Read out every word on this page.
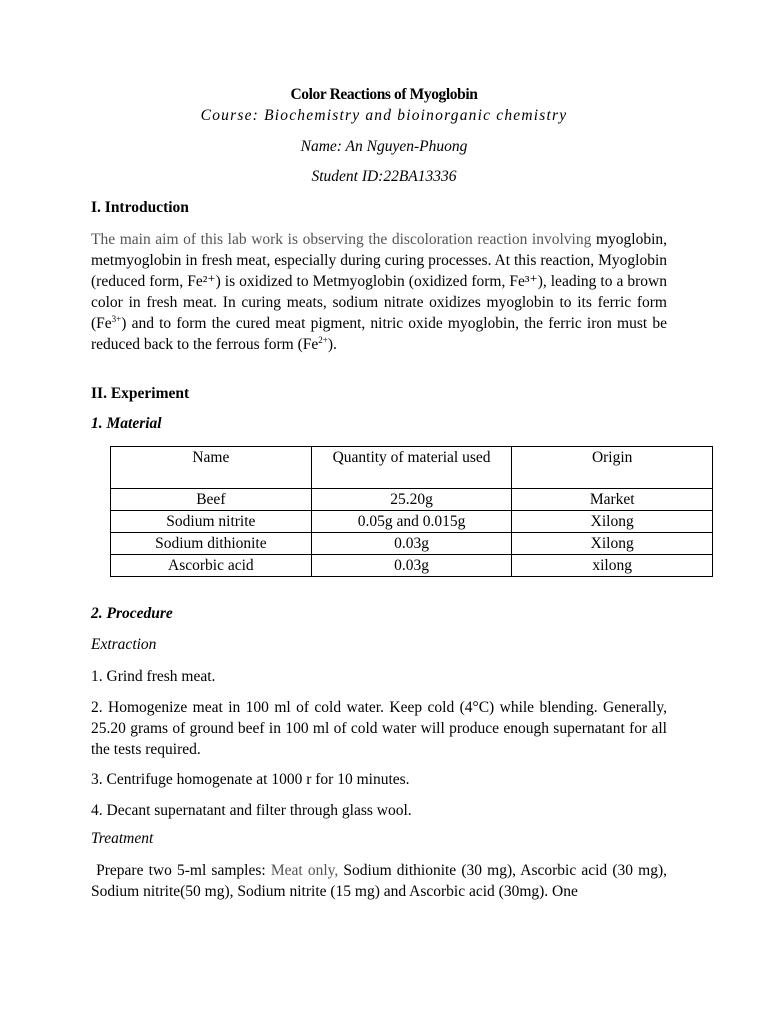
Color Reactions of Myoglobin
Course: Biochemistry and bioinorganic chemistry
Name: An Nguyen-Phuong
Student ID:22BA13336
I. Introduction
The main aim of this lab work is observing the discoloration reaction involving myoglobin, metmyoglobin in fresh meat, especially during curing processes. At this reaction, Myoglobin (reduced form, Fe²⁺) is oxidized to Metmyoglobin (oxidized form, Fe³⁺), leading to a brown color in fresh meat. In curing meats, sodium nitrate oxidizes myoglobin to its ferric form $(Fe^{3+})$ and to form the cured meat pigment, nitric oxide myoglobin, the ferric iron must be reduced back to the ferrous form $(Fe^{2+})$.
II. Experiment
1. Material
Name	Quantity of material used	Origin
Beef	25.20g	Market
Sodium nitrite	0.05g and 0.015g	Xilong
Sodium dithionite	0.03g	Xilong
Ascorbic acid	0.03g	xilong
2. Procedure
Extraction
1. Grind fresh meat.
2. Homogenize meat in 100 ml of cold water. Keep cold (4°C) while blending. Generally, 25.20 grams of ground beef in 100 ml of cold water will produce enough supernatant for all the tests required.
3. Centrifuge homogenate at 1000 r for 10 minutes.
4. Decant supernatant and filter through glass wool.
Treatment
Prepare two 5-ml samples: Meat only, Sodium dithionite (30 mg), Ascorbic acid (30 mg), Sodium nitrite(50 mg), Sodium nitrite (15 mg) and Ascorbic acid (30mg). One
